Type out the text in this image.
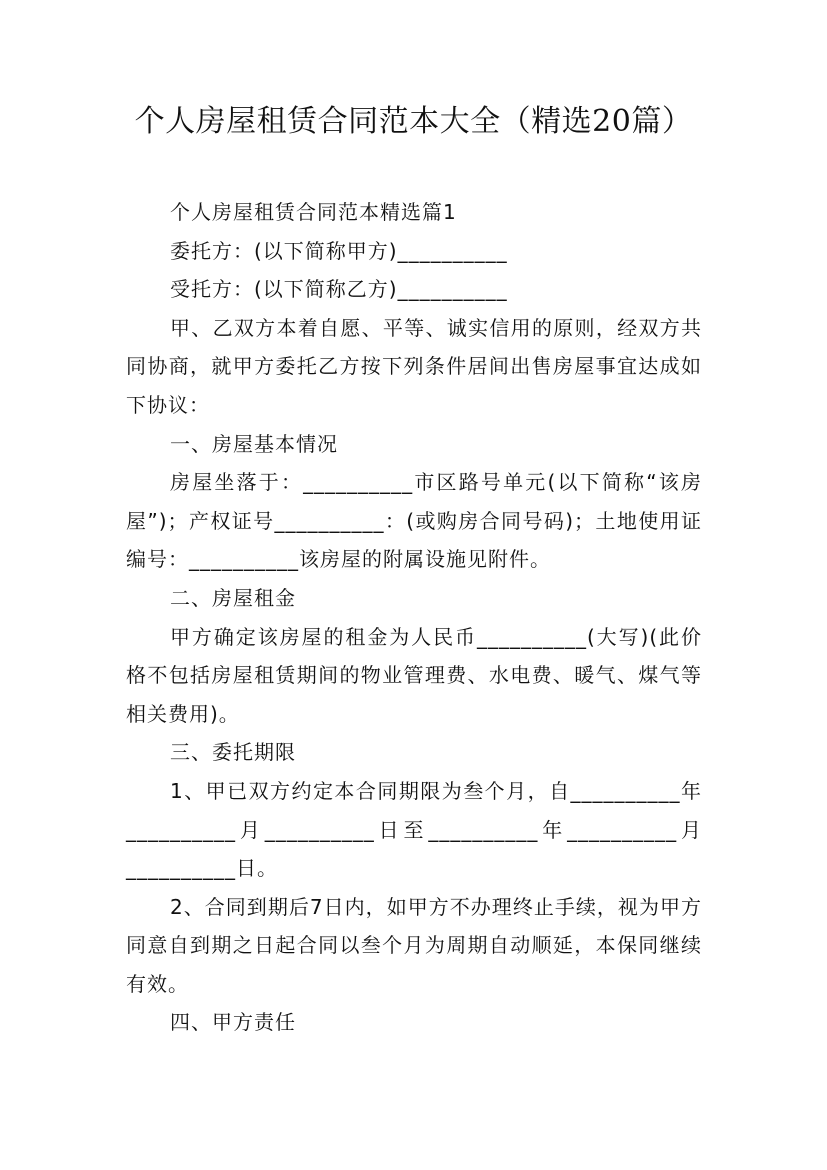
个人房屋租赁合同范本大全（精选20篇）

个人房屋租赁合同范本精选篇1

委托方：(以下简称甲方)__________

受托方：(以下简称乙方)__________

甲、乙双方本着自愿、平等、诚实信用的原则，经双方共同协商，就甲方委托乙方按下列条件居间出售房屋事宜达成如下协议：

一、房屋基本情况

房屋坐落于：__________市区路号单元(以下简称“该房屋”)；产权证号__________：(或购房合同号码)；土地使用证编号：__________该房屋的附属设施见附件。

二、房屋租金

甲方确定该房屋的租金为人民币__________(大写)(此价格不包括房屋租赁期间的物业管理费、水电费、暖气、煤气等相关费用)。

三、委托期限

1、甲已双方约定本合同期限为叁个月，自__________年__________月__________日至__________年__________月__________日。

2、合同到期后7日内，如甲方不办理终止手续，视为甲方同意自到期之日起合同以叁个月为周期自动顺延，本保同继续有效。

四、甲方责任
